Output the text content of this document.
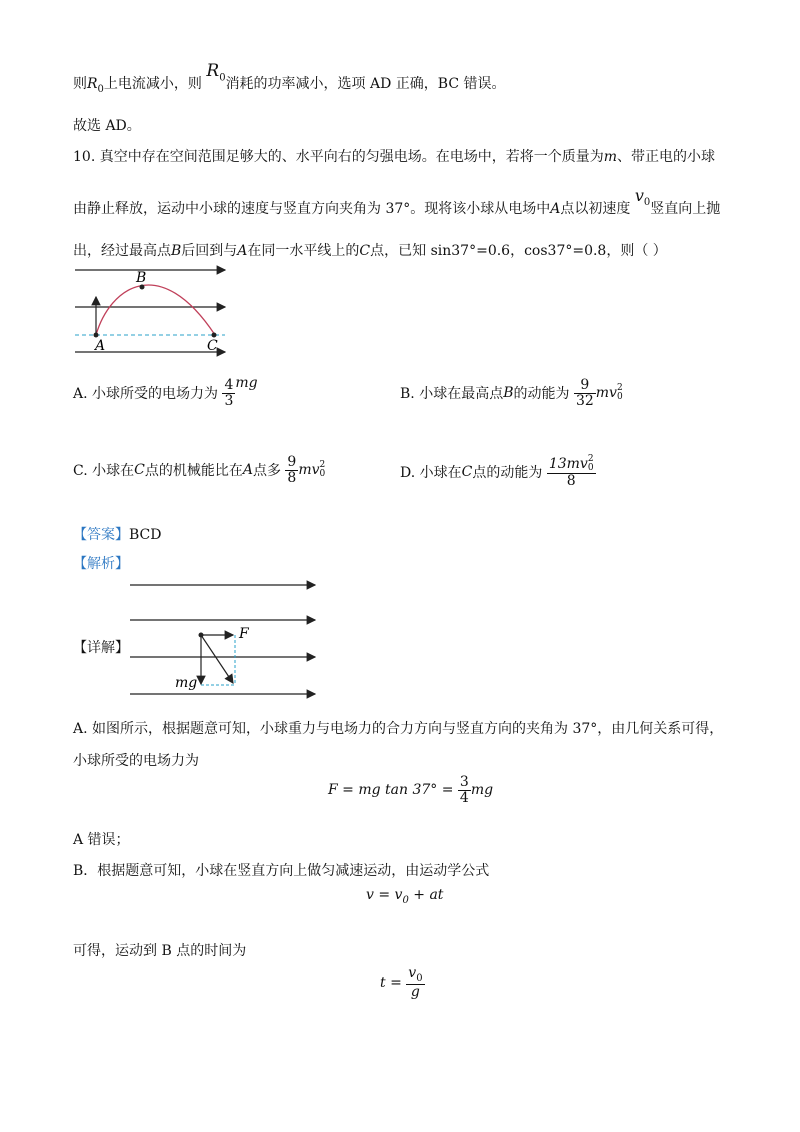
则$R_0$上电流减小，则 $R_0$消耗的功率减小，选项 AD 正确，BC 错误。
故选 AD。
10. 真空中存在空间范围足够大的、水平向右的匀强电场。在电场中，若将一个质量为m、带正电的小球
由静止释放，运动中小球的速度与竖直方向夹角为 37°。现将该小球从电场中A点以初速度 $v_0$竖直向上抛
出，经过最高点B后回到与A在同一水平线上的C点，已知 sin37°=0.6，cos37°=0.8，则（ ）
A
B
C
A. 小球所受的电场力为 $\frac{4}{3}$ mg
B. 小球在最高点B的动能为 $\frac{9}{32} mv2$
0
C. 小球在C点的机械能比在A点多 $\frac{9}{8} mv2$
0	D. 小球在C点的动能为
13mv2
0
8
【答案】BCD
【解析】
【详解】
F
mg
A. 如图所示，根据题意可知，小球重力与电场力的合力方向与竖直方向的夹角为 37°，由几何关系可得，
小球所受的电场力为
F = mg $\tan 37^\circ = \frac{3}{4}$ mg
A 错误；
B．根据题意可知，小球在竖直方向上做匀减速运动，由运动学公式
$v = v_0$ + at
可得，运动到 B 点的时间为
$t = \frac{v_0}{g}$
